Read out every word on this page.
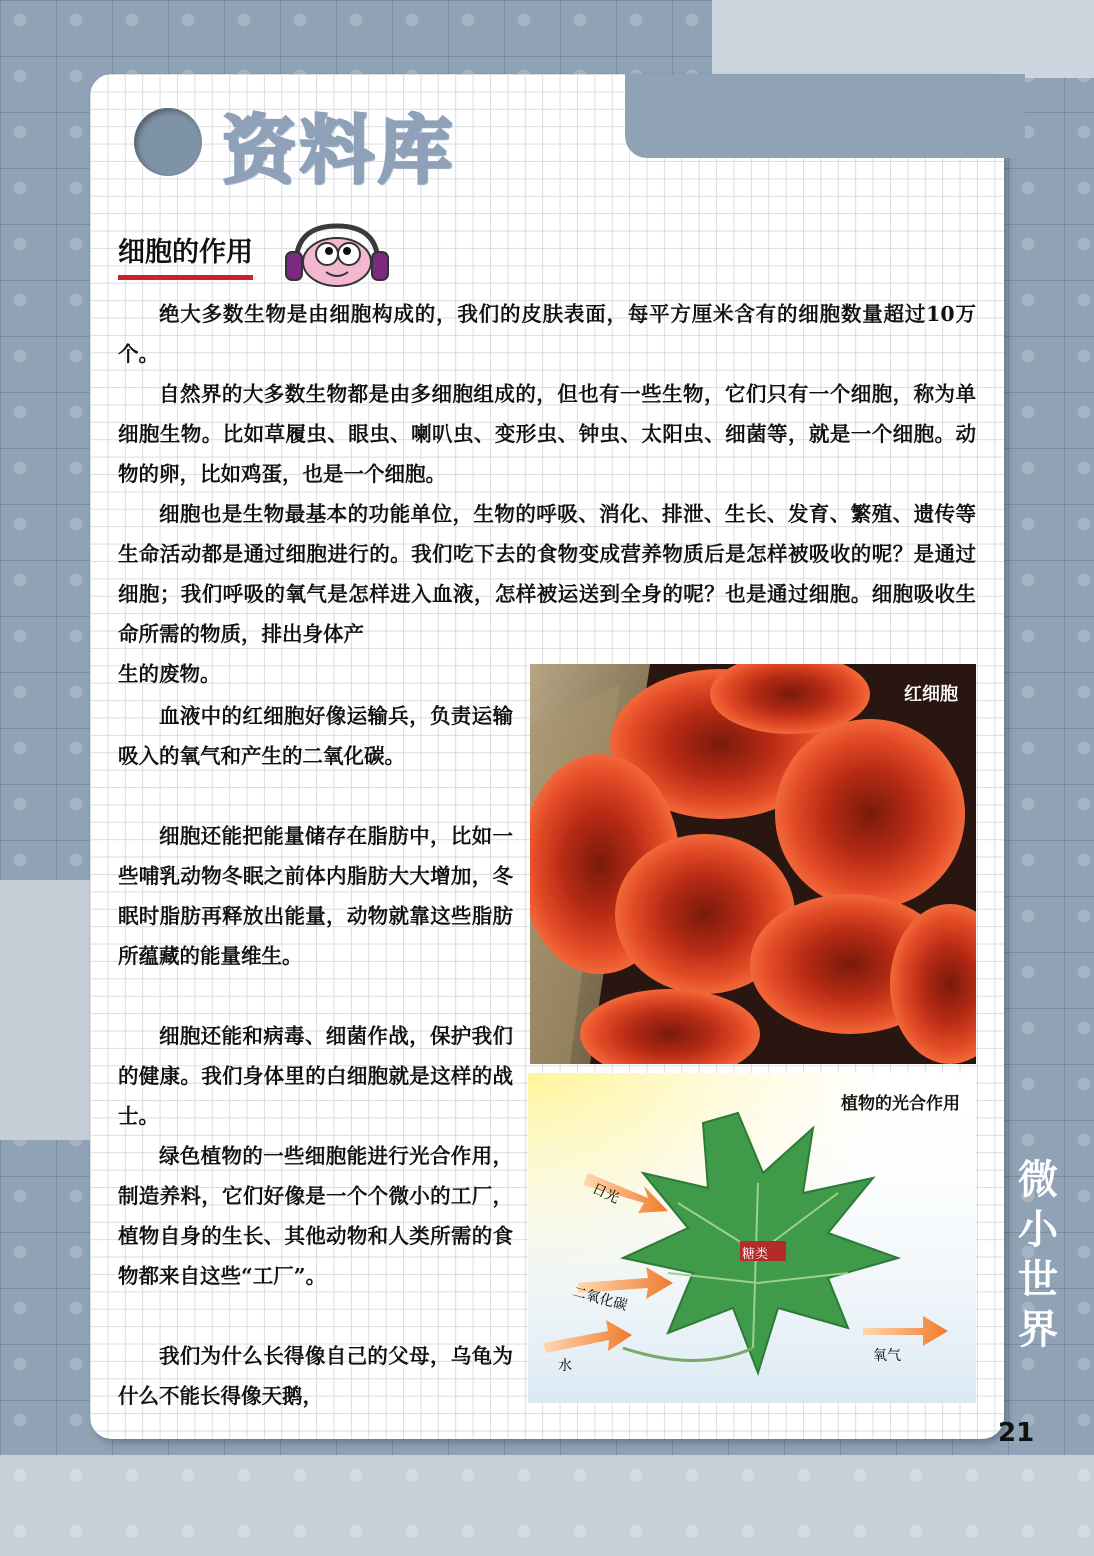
资料库
细胞的作用

绝大多数生物是由细胞构成的，我们的皮肤表面，每平方厘米含有的细胞数量超过10万个。

自然界的大多数生物都是由多细胞组成的，但也有一些生物，它们只有一个细胞，称为单细胞生物。比如草履虫、眼虫、喇叭虫、变形虫、钟虫、太阳虫、细菌等，就是一个细胞。动物的卵，比如鸡蛋，也是一个细胞。

细胞也是生物最基本的功能单位，生物的呼吸、消化、排泄、生长、发育、繁殖、遗传等生命活动都是通过细胞进行的。我们吃下去的食物变成营养物质后是怎样被吸收的呢？是通过细胞；我们呼吸的氧气是怎样进入血液，怎样被运送到全身的呢？也是通过细胞。细胞吸收生命所需的物质，排出身体产

生的废物。

血液中的红细胞好像运输兵，负责运输吸入的氧气和产生的二氧化碳。

细胞还能把能量储存在脂肪中，比如一些哺乳动物冬眠之前体内脂肪大大增加，冬眠时脂肪再释放出能量，动物就靠这些脂肪所蕴藏的能量维生。

细胞还能和病毒、细菌作战，保护我们的健康。我们身体里的白细胞就是这样的战士。

绿色植物的一些细胞能进行光合作用，制造养料，它们好像是一个个微小的工厂，植物自身的生长、其他动物和人类所需的食物都来自这些“工厂”。

我们为什么长得像自己的父母，乌龟为什么不能长得像天鹅，

红细胞
植物的光合作用
日光
糖类
二氧化碳
水
氧气
微小世界
21
